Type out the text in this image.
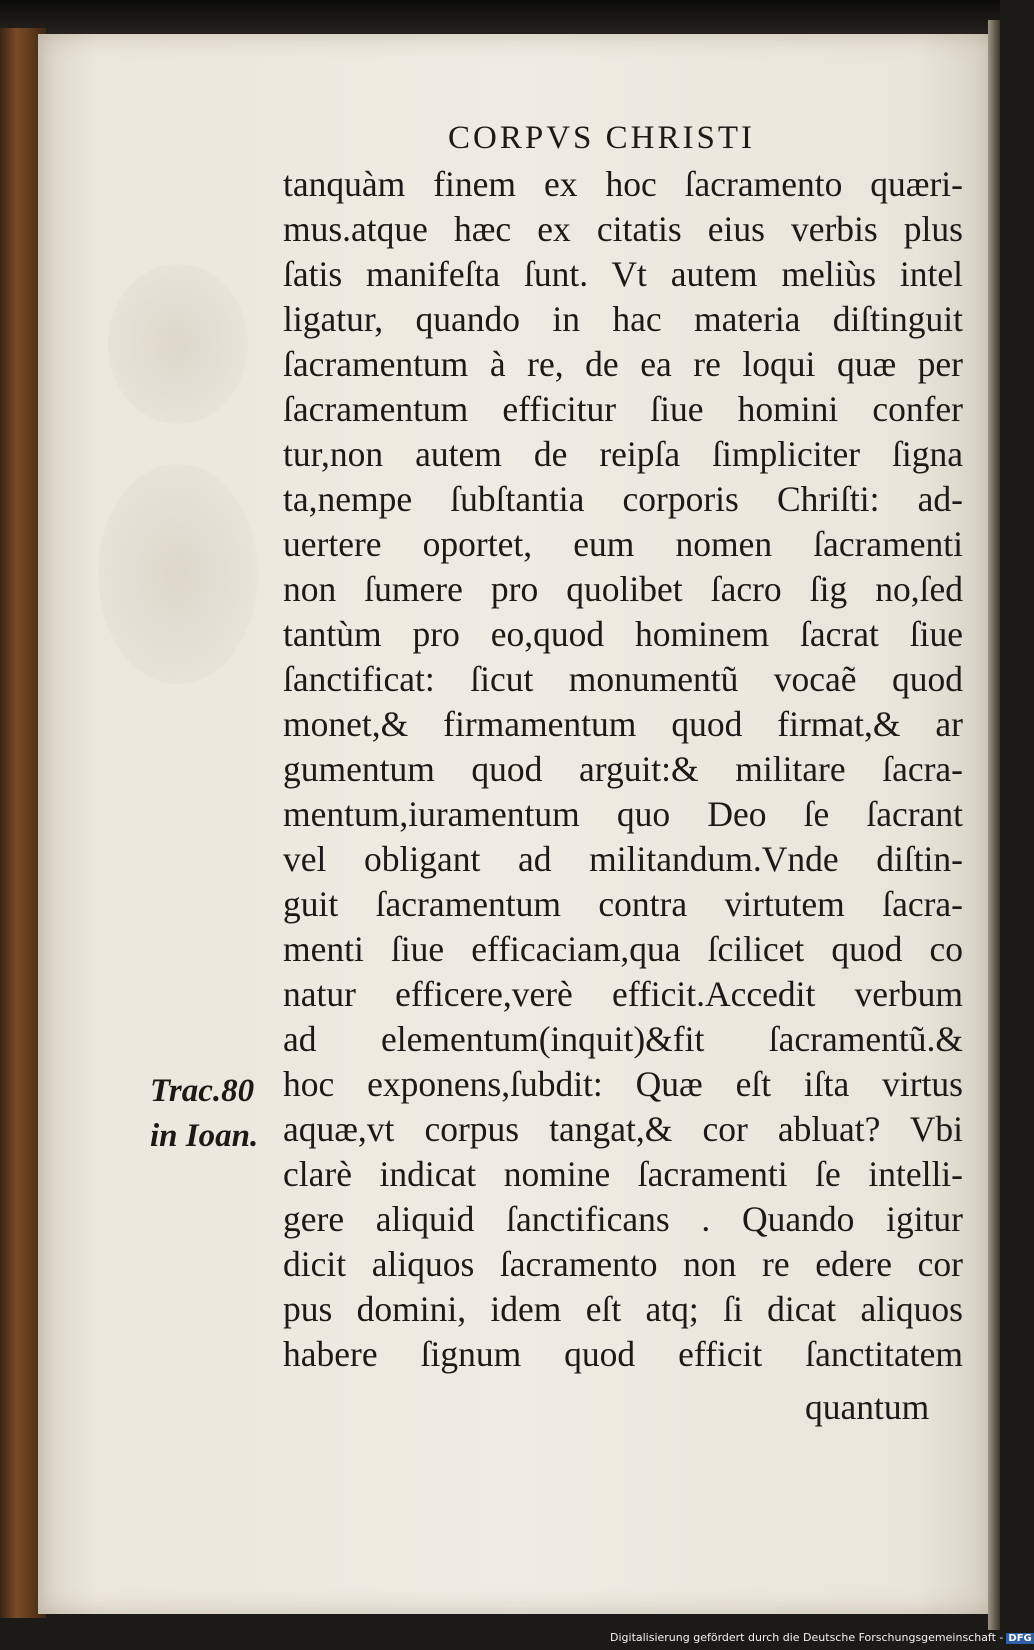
CORPVS CHRISTI
tanquàm finem ex hoc ſacramento quæri-
mus.atque hæc ex citatis eius verbis plus
ſatis manifeſta ſunt. Vt autem meliùs intel
ligatur, quando in hac materia diſtinguit
ſacramentum à re, de ea re loqui quæ per
ſacramentum efficitur ſiue homini confer
tur,non autem de reipſa ſimpliciter ſigna
ta,nempe ſubſtantia corporis Chriſti: ad-
uertere oportet, eum nomen ſacramenti
non ſumere pro quolibet ſacro ſig no,ſed
tantùm pro eo,quod hominem ſacrat ſiue
ſanctificat: ſicut monumentũ vocaẽ quod
monet,& firmamentum quod firmat,& ar
gumentum quod arguit:& militare ſacra-
mentum,iuramentum quo Deo ſe ſacrant
vel obligant ad militandum.Vnde diſtin-
guit ſacramentum contra virtutem ſacra-
menti ſiue efficaciam,qua ſcilicet quod co
natur efficere,verè efficit.Accedit verbum
ad elementum(inquit)&fit ſacramentũ.&
hoc exponens,ſubdit: Quæ eſt iſta virtus
aquæ,vt corpus tangat,& cor abluat? Vbi
clarè indicat nomine ſacramenti ſe intelli-
gere aliquid ſanctificans . Quando igitur
dicit aliquos ſacramento non re edere cor
pus domini, idem eſt atq; ſi dicat aliquos
habere ſignum quod efficit ſanctitatem
quantum
Trac.80
in Ioan.
Digitalisierung gefördert durch die Deutsche Forschungsgemeinschaft - DFG
